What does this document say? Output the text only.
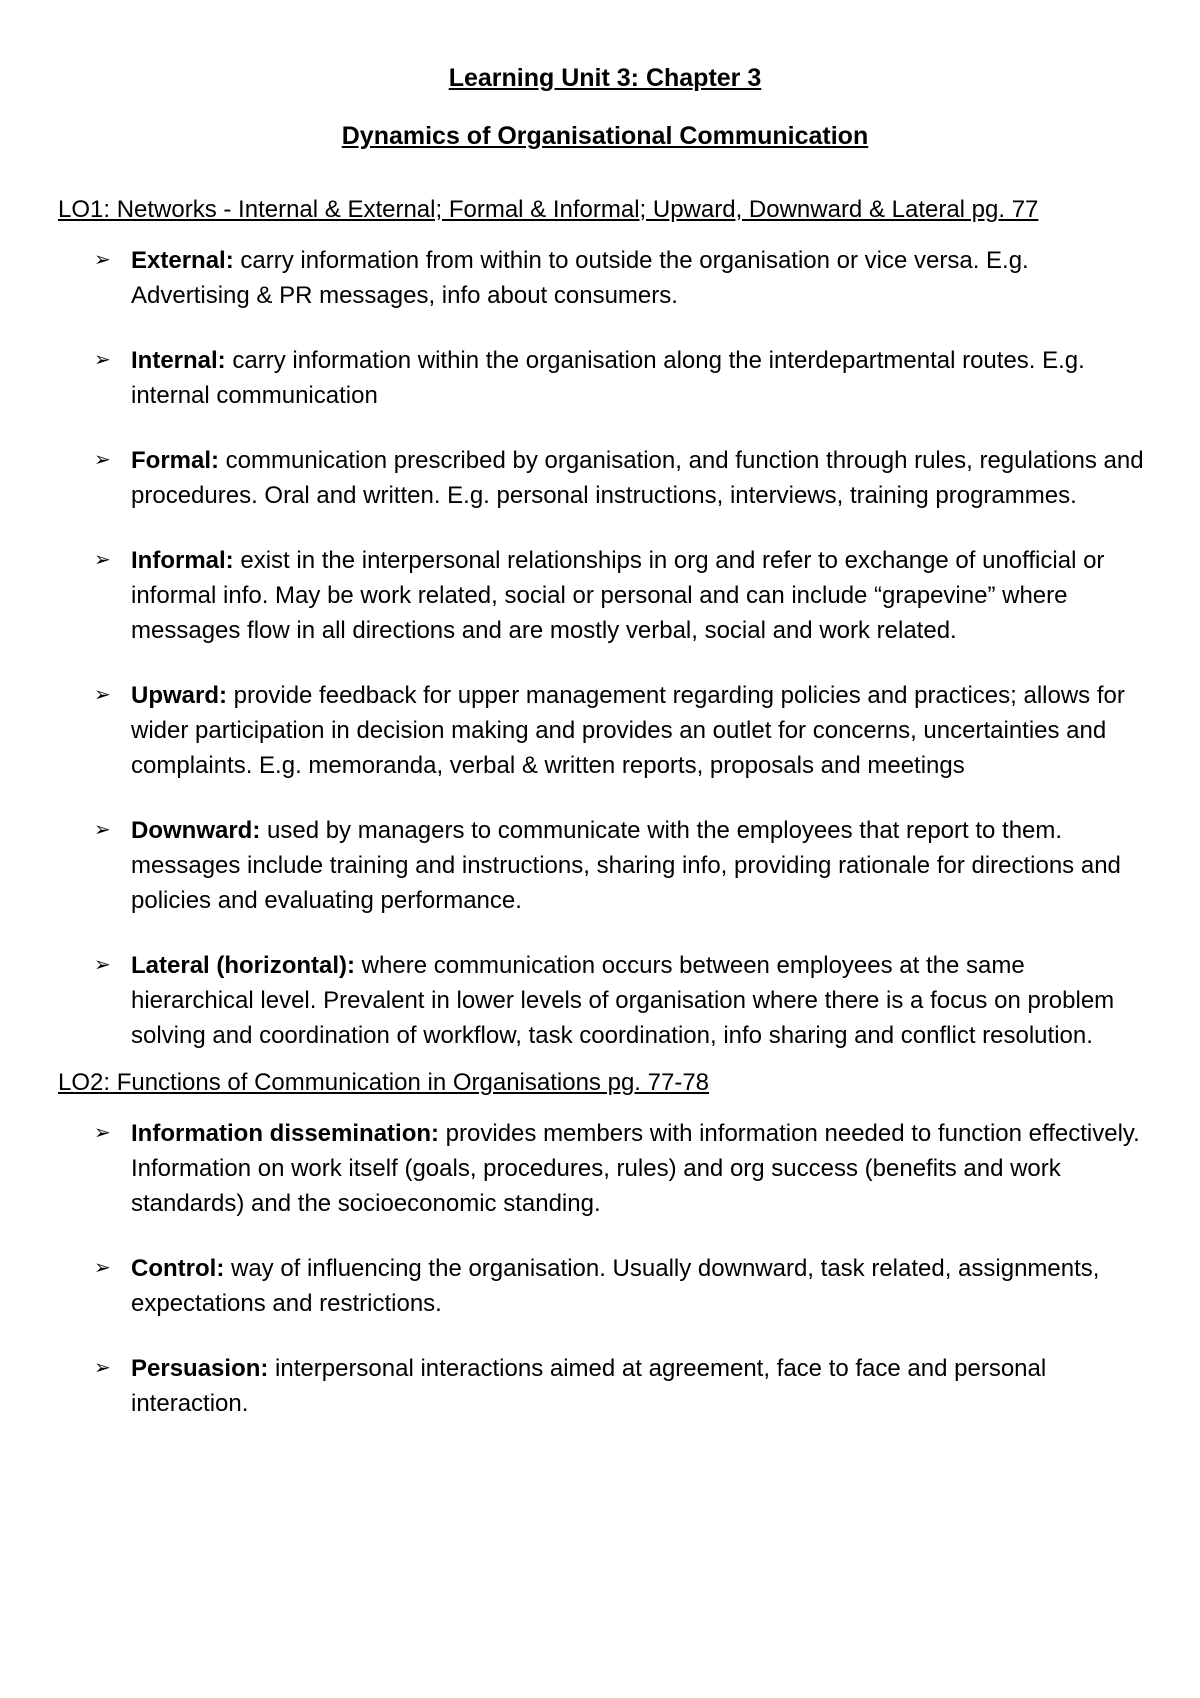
Learning Unit 3: Chapter 3
Dynamics of Organisational Communication

LO1: Networks - Internal & External; Formal & Informal; Upward, Downward & Lateral pg. 77

➢ External: carry information from within to outside the organisation or vice versa. E.g. Advertising & PR messages, info about consumers.
➢ Internal: carry information within the organisation along the interdepartmental routes. E.g. internal communication
➢ Formal: communication prescribed by organisation, and function through rules, regulations and procedures. Oral and written. E.g. personal instructions, interviews, training programmes.
➢ Informal: exist in the interpersonal relationships in org and refer to exchange of unofficial or informal info. May be work related, social or personal and can include “grapevine” where messages flow in all directions and are mostly verbal, social and work related.
➢ Upward: provide feedback for upper management regarding policies and practices; allows for wider participation in decision making and provides an outlet for concerns, uncertainties and complaints. E.g. memoranda, verbal & written reports, proposals and meetings
➢ Downward: used by managers to communicate with the employees that report to them. messages include training and instructions, sharing info, providing rationale for directions and policies and evaluating performance.
➢ Lateral (horizontal): where communication occurs between employees at the same hierarchical level. Prevalent in lower levels of organisation where there is a focus on problem solving and coordination of workflow, task coordination, info sharing and conflict resolution.

LO2: Functions of Communication in Organisations pg. 77-78

➢ Information dissemination: provides members with information needed to function effectively. Information on work itself (goals, procedures, rules) and org success (benefits and work standards) and the socioeconomic standing.
➢ Control: way of influencing the organisation. Usually downward, task related, assignments, expectations and restrictions.
➢ Persuasion: interpersonal interactions aimed at agreement, face to face and personal interaction.
